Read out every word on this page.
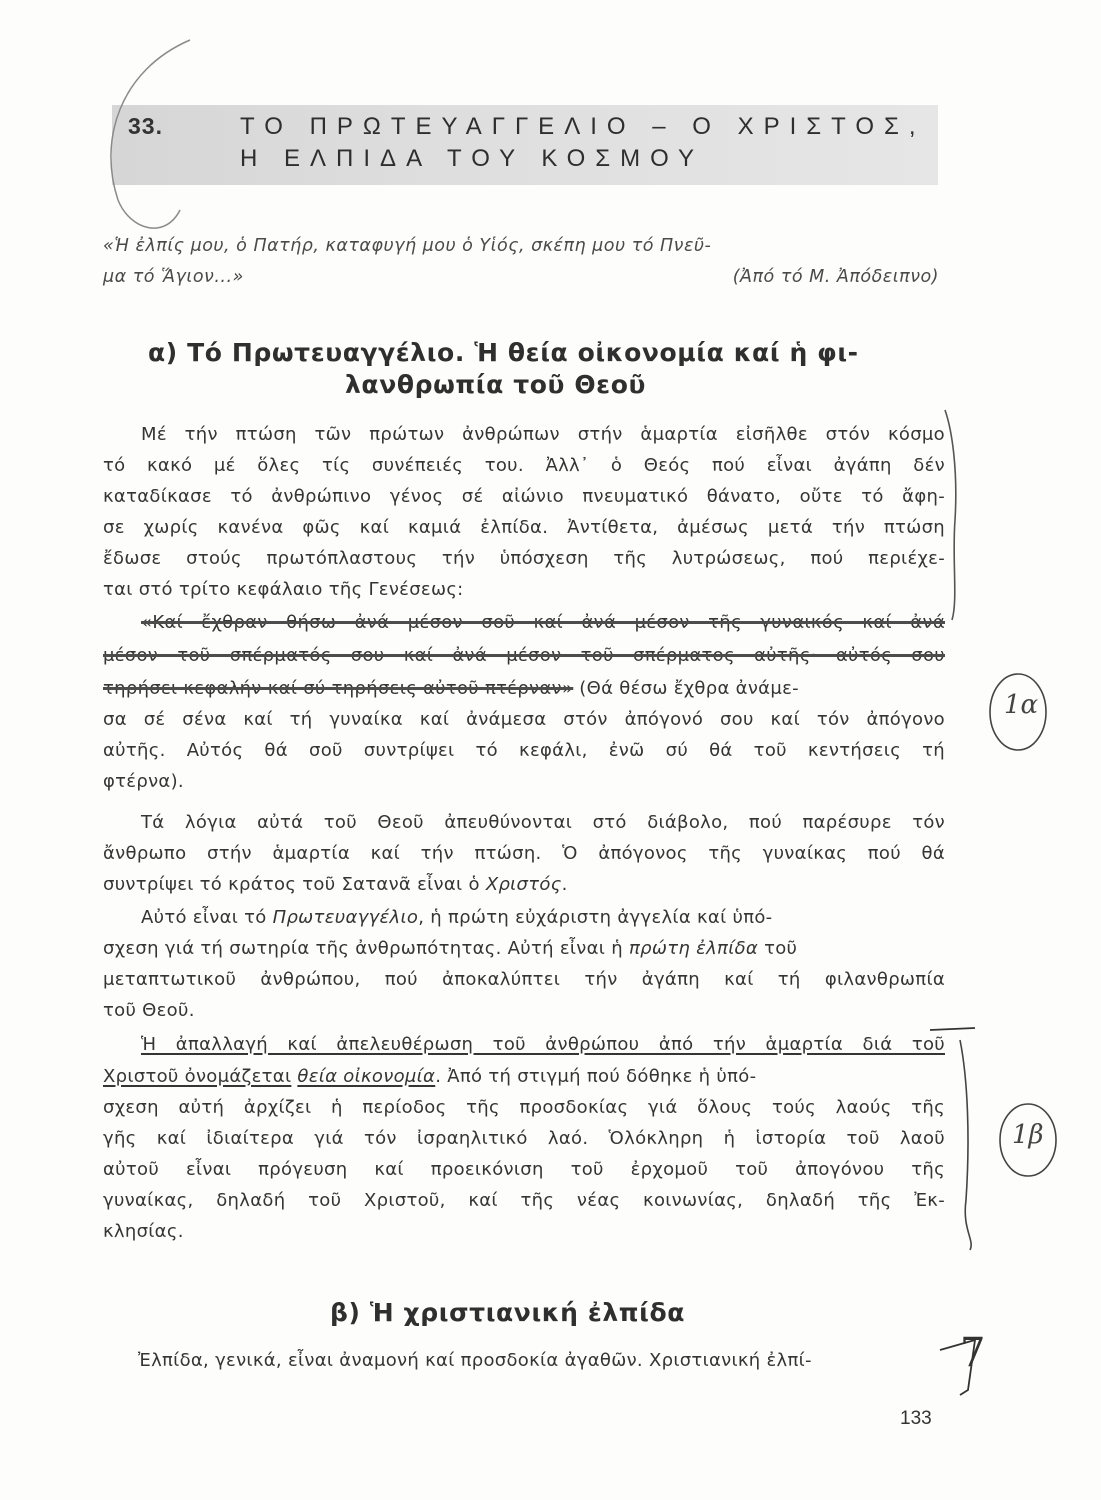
33.	ΤΟ ΠΡΩΤΕΥΑΓΓΕΛΙΟ – Ο ΧΡΙΣΤΟΣ,
Η ΕΛΠΙΔΑ ΤΟΥ ΚΟΣΜΟΥ
«Ἡ ἐλπίς μου, ὁ Πατήρ, καταφυγή μου ὁ Υἱός, σκέπη μου τό Πνεῦ-
μα τό Ἅγιον...»	(Ἀπό τό Μ. Ἀπόδειπνο)
α) Τό Πρωτευαγγέλιο. Ἡ θεία οἰκονομία καί ἡ φι-
λανθρωπία τοῦ Θεοῦ
Μέ τήν πτώση τῶν πρώτων ἀνθρώπων στήν ἁμαρτία εἰσῆλθε στόν κόσμο
τό κακό μέ ὅλες τίς συνέπειές του. Ἀλλ᾽ ὁ Θεός πού εἶναι ἀγάπη δέν
καταδίκασε τό ἀνθρώπινο γένος σέ αἰώνιο πνευματικό θάνατο, οὔτε τό ἄφη-
σε χωρίς κανένα φῶς καί καμιά ἐλπίδα. Ἀντίθετα, ἀμέσως μετά τήν πτώση
ἔδωσε στούς πρωτόπλαστους τήν ὑπόσχεση τῆς λυτρώσεως, πού περιέχε-
ται στό τρίτο κεφάλαιο τῆς Γενέσεως:
«Καί ἔχθραν θήσω ἀνά μέσον σοῦ καί ἀνά μέσον τῆς γυναικός καί ἀνά
μέσον τοῦ σπέρματός σου καί ἀνά μέσον τοῦ σπέρματος αὐτῆς· αὐτός σου
τηρήσει κεφαλήν καί σύ τηρήσεις αὐτοῦ πτέρναν» (Θά θέσω ἔχθρα ἀνάμε-
σα σέ σένα καί τή γυναίκα καί ἀνάμεσα στόν ἀπόγονό σου καί τόν ἀπόγονο
αὐτῆς. Αὐτός θά σοῦ συντρίψει τό κεφάλι, ἐνῶ σύ θά τοῦ κεντήσεις τή
φτέρνα).
Τά λόγια αὐτά τοῦ Θεοῦ ἀπευθύνονται στό διάβολο, πού παρέσυρε τόν
ἄνθρωπο στήν ἁμαρτία καί τήν πτώση. Ὁ ἀπόγονος τῆς γυναίκας πού θά
συντρίψει τό κράτος τοῦ Σατανᾶ εἶναι ὁ Χριστός.
Αὐτό εἶναι τό Πρωτευαγγέλιο, ἡ πρώτη εὐχάριστη ἀγγελία καί ὑπό-
σχεση γιά τή σωτηρία τῆς ἀνθρωπότητας. Αὐτή εἶναι ἡ πρώτη ἐλπίδα τοῦ
μεταπτωτικοῦ ἀνθρώπου, πού ἀποκαλύπτει τήν ἀγάπη καί τή φιλανθρωπία
τοῦ Θεοῦ.
Ἡ ἀπαλλαγή καί ἀπελευθέρωση τοῦ ἀνθρώπου ἀπό τήν ἁμαρτία διά τοῦ
Χριστοῦ ὀνομάζεται θεία οἰκονομία. Ἀπό τή στιγμή πού δόθηκε ἡ ὑπό-
σχεση αὐτή ἀρχίζει ἡ περίοδος τῆς προσδοκίας γιά ὅλους τούς λαούς τῆς
γῆς καί ἰδιαίτερα γιά τόν ἰσραηλιτικό λαό. Ὁλόκληρη ἡ ἱστορία τοῦ λαοῦ
αὐτοῦ εἶναι πρόγευση καί προεικόνιση τοῦ ἐρχομοῦ τοῦ ἀπογόνου τῆς
γυναίκας, δηλαδή τοῦ Χριστοῦ, καί τῆς νέας κοινωνίας, δηλαδή τῆς Ἐκ-
κλησίας.
β) Ἡ χριστιανική ἐλπίδα
Ἐλπίδα, γενικά, εἶναι ἀναμονή καί προσδοκία ἀγαθῶν. Χριστιανική ἐλπί-
133
1α
1β
7
